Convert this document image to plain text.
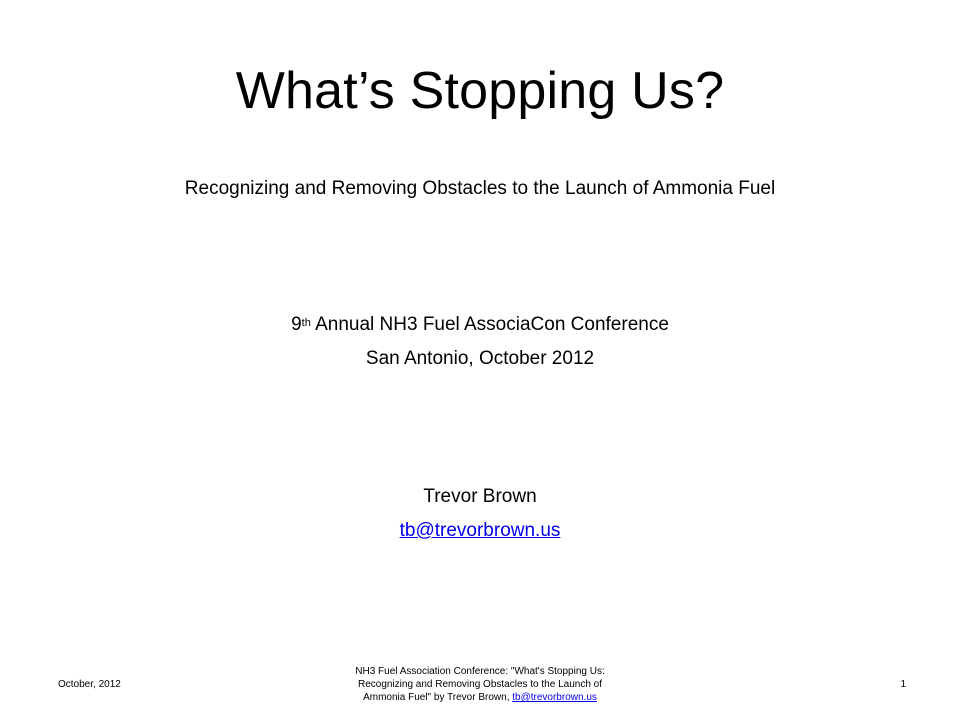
What’s Stopping Us?
Recognizing and Removing Obstacles to the Launch of Ammonia Fuel
9th Annual NH3 Fuel AssociaCon Conference
San Antonio, October 2012
Trevor Brown
tb@trevorbrown.us
October, 2012
NH3 Fuel Association Conference: "What's Stopping Us:
Recognizing and Removing Obstacles to the Launch of
Ammonia Fuel" by Trevor Brown, tb@trevorbrown.us
1
